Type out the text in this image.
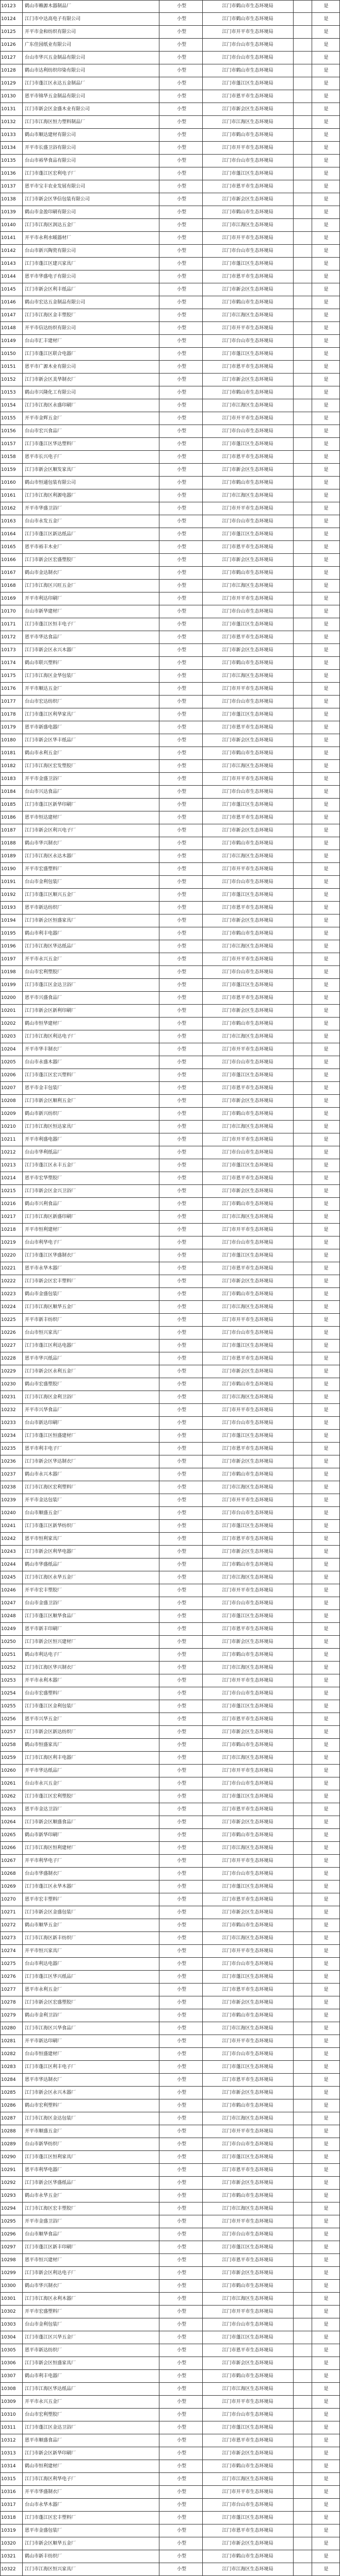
10123	鹤山市赖源木器制品厂	小型	江门市鹤山市生态环境局	是
10124	江门市中达高电子有限公司	小型	江门市鹤山市生态环境局	是
10125	开平市金和纺织有限公司	小型	江门市开平市生态环境局	是
10126	广东佳园纸业有限公司	小型	江门市台山市生态环境局	是
10127	台山市华兴五金制品有限公司	小型	江门市台山市生态环境局	是
10128	鹤山市达利纺织印染有限公司	小型	江门市鹤山市生态环境局	是
10129	江门市蓬江区永达五金制品厂	小型	江门市蓬江区生态环境局	是
10130	恩平市锦华五金制品有限公司	小型	江门市恩平市生态环境局	是
10131	江门市新会区金盛木业有限公司	小型	江门市新会区生态环境局	是
10132	江门市江海区恒力塑料制品厂	小型	江门市江海区生态环境局	是
10133	鹤山市顺达建材有限公司	小型	江门市鹤山市生态环境局	是
10134	开平市长盛卫浴有限公司	小型	江门市开平市生态环境局	是
10135	台山市裕华食品有限公司	小型	江门市台山市生态环境局	是
10136	江门市蓬江区宏利电子厂	小型	江门市蓬江区生态环境局	是
10137	恩平市宝丰农业发展有限公司	小型	江门市恩平市生态环境局	是
10138	江门市新会区华信包装有限公司	小型	江门市新会区生态环境局	是
10139	鹤山市金盈印刷有限公司	小型	江门市鹤山市生态环境局	是
10140	江门市江海区润达五金厂	小型	江门市江海区生态环境局	是
10141	开平市永利水暖器材厂	小型	江门市开平市生态环境局	是
10142	台山市新兴陶瓷有限公司	小型	江门市台山市生态环境局	是
10143	江门市蓬江区建兴家具厂	小型	江门市蓬江区生态环境局	是
10144	恩平市华盛电子有限公司	小型	江门市恩平市生态环境局	是
10145	江门市新会区利丰纸品厂	小型	江门市新会区生态环境局	是
10146	鹤山市宏达五金制品有限公司	小型	江门市鹤山市生态环境局	是
10147	江门市江海区金丰塑胶厂	小型	江门市江海区生态环境局	是
10148	开平市信达纺织有限公司	小型	江门市开平市生态环境局	是
10149	台山市汇丰建材厂	小型	江门市台山市生态环境局	是
10150	江门市蓬江区联合电器厂	小型	江门市蓬江区生态环境局	是
10151	恩平市广源木业有限公司	小型	江门市恩平市生态环境局	是
10152	江门市新会区美华制衣厂	小型	江门市新会区生态环境局	是
10153	鹤山市兴隆化工有限公司	小型	江门市鹤山市生态环境局	是
10154	江门市江海区永盛印刷厂	小型	江门市江海区生态环境局	是
10155	开平市金辉五金厂	小型	江门市开平市生态环境局	是
10156	台山市宏兴食品厂	小型	江门市台山市生态环境局	是
10157	江门市蓬江区华达塑料厂	小型	江门市蓬江区生态环境局	是
10158	恩平市长兴电子厂	小型	江门市恩平市生态环境局	是
10159	江门市新会区顺发家具厂	小型	江门市新会区生态环境局	是
10160	鹤山市恒通包装有限公司	小型	江门市鹤山市生态环境局	是
10161	江门市江海区利源电器厂	小型	江门市江海区生态环境局	是
10162	开平市华盛卫浴厂	小型	江门市开平市生态环境局	是
10163	台山市永发五金厂	小型	江门市台山市生态环境局	是
10164	江门市蓬江区新达纸品厂	小型	江门市蓬江区生态环境局	是
10165	恩平市裕丰木业厂	小型	江门市恩平市生态环境局	是
10166	江门市新会区宏盛塑胶厂	小型	江门市新会区生态环境局	是
10167	鹤山市金达制衣厂	小型	江门市鹤山市生态环境局	是
10168	江门市江海区兴旺五金厂	小型	江门市江海区生态环境局	是
10169	开平市利达印刷厂	小型	江门市开平市生态环境局	是
10170	台山市新华建材厂	小型	江门市台山市生态环境局	是
10171	江门市蓬江区恒丰电子厂	小型	江门市蓬江区生态环境局	是
10172	恩平市华达食品厂	小型	江门市恩平市生态环境局	是
10173	江门市新会区永兴木器厂	小型	江门市新会区生态环境局	是
10174	鹤山市联兴塑料厂	小型	江门市鹤山市生态环境局	是
10175	江门市江海区金华包装厂	小型	江门市江海区生态环境局	是
10176	开平市顺达五金厂	小型	江门市开平市生态环境局	是
10177	台山市宏达纺织厂	小型	江门市台山市生态环境局	是
10178	江门市蓬江区利华家具厂	小型	江门市蓬江区生态环境局	是
10179	恩平市新盛电器厂	小型	江门市恩平市生态环境局	是
10180	江门市新会区华丰纸品厂	小型	江门市新会区生态环境局	是
10181	鹤山市永利五金厂	小型	江门市鹤山市生态环境局	是
10182	江门市江海区宏发塑胶厂	小型	江门市江海区生态环境局	是
10183	开平市金盛卫浴厂	小型	江门市开平市生态环境局	是
10184	台山市兴达食品厂	小型	江门市台山市生态环境局	是
10185	江门市蓬江区新华印刷厂	小型	江门市蓬江区生态环境局	是
10186	恩平市恒达建材厂	小型	江门市恩平市生态环境局	是
10187	江门市新会区利兴电子厂	小型	江门市新会区生态环境局	是
10188	鹤山市华兴制衣厂	小型	江门市鹤山市生态环境局	是
10189	江门市江海区永达木器厂	小型	江门市江海区生态环境局	是
10190	开平市宏盛塑料厂	小型	江门市开平市生态环境局	是
10191	台山市金利包装厂	小型	江门市台山市生态环境局	是
10192	江门市蓬江区顺兴五金厂	小型	江门市蓬江区生态环境局	是
10193	恩平市新达纺织厂	小型	江门市恩平市生态环境局	是
10194	江门市新会区恒盛家具厂	小型	江门市新会区生态环境局	是
10195	鹤山市利丰电器厂	小型	江门市鹤山市生态环境局	是
10196	江门市江海区华达纸品厂	小型	江门市江海区生态环境局	是
10197	开平市永兴五金厂	小型	江门市开平市生态环境局	是
10198	台山市宏利塑胶厂	小型	江门市台山市生态环境局	是
10199	江门市蓬江区金达卫浴厂	小型	江门市蓬江区生态环境局	是
10200	恩平市兴盛食品厂	小型	江门市恩平市生态环境局	是
10201	江门市新会区新利印刷厂	小型	江门市新会区生态环境局	是
10202	鹤山市恒华建材厂	小型	江门市鹤山市生态环境局	是
10203	江门市江海区利达电子厂	小型	江门市江海区生态环境局	是
10204	开平市华丰制衣厂	小型	江门市开平市生态环境局	是
10205	台山市永盛木器厂	小型	江门市台山市生态环境局	是
10206	江门市蓬江区宏兴塑料厂	小型	江门市蓬江区生态环境局	是
10207	恩平市金丰包装厂	小型	江门市恩平市生态环境局	是
10208	江门市新会区顺利五金厂	小型	江门市新会区生态环境局	是
10209	鹤山市新兴纺织厂	小型	江门市鹤山市生态环境局	是
10210	江门市江海区恒达家具厂	小型	江门市江海区生态环境局	是
10211	开平市利盛电器厂	小型	江门市开平市生态环境局	是
10212	台山市华利纸品厂	小型	江门市台山市生态环境局	是
10213	江门市蓬江区永丰五金厂	小型	江门市蓬江区生态环境局	是
10214	恩平市宏华塑胶厂	小型	江门市恩平市生态环境局	是
10215	江门市新会区金兴卫浴厂	小型	江门市新会区生态环境局	是
10216	鹤山市兴利食品厂	小型	江门市鹤山市生态环境局	是
10217	江门市江海区新盛印刷厂	小型	江门市江海区生态环境局	是
10218	开平市恒利建材厂	小型	江门市开平市生态环境局	是
10219	台山市利华电子厂	小型	江门市台山市生态环境局	是
10220	江门市蓬江区华盛制衣厂	小型	江门市蓬江区生态环境局	是
10221	恩平市永华木器厂	小型	江门市恩平市生态环境局	是
10222	江门市新会区宏丰塑料厂	小型	江门市新会区生态环境局	是
10223	鹤山市金盛包装厂	小型	江门市鹤山市生态环境局	是
10224	江门市江海区顺华五金厂	小型	江门市江海区生态环境局	是
10225	开平市新丰纺织厂	小型	江门市开平市生态环境局	是
10226	台山市恒兴家具厂	小型	江门市台山市生态环境局	是
10227	江门市蓬江区利达电器厂	小型	江门市蓬江区生态环境局	是
10228	恩平市华兴纸品厂	小型	江门市恩平市生态环境局	是
10229	江门市新会区永利五金厂	小型	江门市新会区生态环境局	是
10230	鹤山市宏盛塑胶厂	小型	江门市鹤山市生态环境局	是
10231	江门市江海区金利卫浴厂	小型	江门市江海区生态环境局	是
10232	开平市兴华食品厂	小型	江门市开平市生态环境局	是
10233	台山市新达印刷厂	小型	江门市台山市生态环境局	是
10234	江门市蓬江区恒盛建材厂	小型	江门市蓬江区生态环境局	是
10235	恩平市利丰电子厂	小型	江门市恩平市生态环境局	是
10236	江门市新会区华达制衣厂	小型	江门市新会区生态环境局	是
10237	鹤山市永兴木器厂	小型	江门市鹤山市生态环境局	是
10238	江门市江海区宏利塑料厂	小型	江门市江海区生态环境局	是
10239	开平市金达包装厂	小型	江门市开平市生态环境局	是
10240	台山市顺盛五金厂	小型	江门市台山市生态环境局	是
10241	江门市蓬江区新华纺织厂	小型	江门市蓬江区生态环境局	是
10242	恩平市恒利家具厂	小型	江门市恩平市生态环境局	是
10243	江门市新会区利华电器厂	小型	江门市新会区生态环境局	是
10244	鹤山市华盛纸品厂	小型	江门市鹤山市生态环境局	是
10245	江门市江海区永华五金厂	小型	江门市江海区生态环境局	是
10246	开平市宏丰塑胶厂	小型	江门市开平市生态环境局	是
10247	台山市金盛卫浴厂	小型	江门市台山市生态环境局	是
10248	江门市蓬江区顺华食品厂	小型	江门市蓬江区生态环境局	是
10249	恩平市新丰印刷厂	小型	江门市恩平市生态环境局	是
10250	江门市新会区恒兴建材厂	小型	江门市新会区生态环境局	是
10251	鹤山市利达电子厂	小型	江门市鹤山市生态环境局	是
10252	江门市江海区华兴制衣厂	小型	江门市江海区生态环境局	是
10253	开平市永利木器厂	小型	江门市开平市生态环境局	是
10254	台山市宏盛塑料厂	小型	江门市台山市生态环境局	是
10255	江门市蓬江区金利包装厂	小型	江门市蓬江区生态环境局	是
10256	恩平市兴华五金厂	小型	江门市恩平市生态环境局	是
10257	江门市新会区新达纺织厂	小型	江门市新会区生态环境局	是
10258	鹤山市恒盛家具厂	小型	江门市鹤山市生态环境局	是
10259	江门市江海区利丰电器厂	小型	江门市江海区生态环境局	是
10260	开平市华达纸品厂	小型	江门市开平市生态环境局	是
10261	台山市永兴五金厂	小型	江门市台山市生态环境局	是
10262	江门市蓬江区宏利塑胶厂	小型	江门市蓬江区生态环境局	是
10263	恩平市金达卫浴厂	小型	江门市恩平市生态环境局	是
10264	江门市新会区顺盛食品厂	小型	江门市新会区生态环境局	是
10265	鹤山市新华印刷厂	小型	江门市鹤山市生态环境局	是
10266	江门市江海区恒利建材厂	小型	江门市江海区生态环境局	是
10267	开平市利华电子厂	小型	江门市开平市生态环境局	是
10268	台山市华盛制衣厂	小型	江门市台山市生态环境局	是
10269	江门市蓬江区永华木器厂	小型	江门市蓬江区生态环境局	是
10270	恩平市宏丰塑料厂	小型	江门市恩平市生态环境局	是
10271	江门市新会区金盛包装厂	小型	江门市新会区生态环境局	是
10272	鹤山市顺华五金厂	小型	江门市鹤山市生态环境局	是
10273	江门市江海区新丰纺织厂	小型	江门市江海区生态环境局	是
10274	开平市恒兴家具厂	小型	江门市开平市生态环境局	是
10275	台山市利达电器厂	小型	江门市台山市生态环境局	是
10276	江门市蓬江区华兴纸品厂	小型	江门市蓬江区生态环境局	是
10277	恩平市永利五金厂	小型	江门市恩平市生态环境局	是
10278	江门市新会区宏盛塑胶厂	小型	江门市新会区生态环境局	是
10279	鹤山市金利卫浴厂	小型	江门市鹤山市生态环境局	是
10280	江门市江海区兴华食品厂	小型	江门市江海区生态环境局	是
10281	开平市新达印刷厂	小型	江门市开平市生态环境局	是
10282	台山市恒盛建材厂	小型	江门市台山市生态环境局	是
10283	江门市蓬江区利丰电子厂	小型	江门市蓬江区生态环境局	是
10284	恩平市华达制衣厂	小型	江门市恩平市生态环境局	是
10285	江门市新会区永兴木器厂	小型	江门市新会区生态环境局	是
10286	鹤山市宏利塑料厂	小型	江门市鹤山市生态环境局	是
10287	江门市江海区金达包装厂	小型	江门市江海区生态环境局	是
10288	开平市顺盛五金厂	小型	江门市开平市生态环境局	是
10289	台山市新华纺织厂	小型	江门市台山市生态环境局	是
10290	江门市蓬江区恒利家具厂	小型	江门市蓬江区生态环境局	是
10291	恩平市利华电器厂	小型	江门市恩平市生态环境局	是
10292	江门市新会区华盛纸品厂	小型	江门市新会区生态环境局	是
10293	鹤山市永华五金厂	小型	江门市鹤山市生态环境局	是
10294	江门市江海区宏丰塑胶厂	小型	江门市江海区生态环境局	是
10295	开平市金盛卫浴厂	小型	江门市开平市生态环境局	是
10296	台山市顺华食品厂	小型	江门市台山市生态环境局	是
10297	江门市蓬江区新丰印刷厂	小型	江门市蓬江区生态环境局	是
10298	恩平市恒兴建材厂	小型	江门市恩平市生态环境局	是
10299	江门市新会区利达电子厂	小型	江门市新会区生态环境局	是
10300	鹤山市华兴制衣厂	小型	江门市鹤山市生态环境局	是
10301	江门市江海区永利木器厂	小型	江门市江海区生态环境局	是
10302	开平市宏盛塑料厂	小型	江门市开平市生态环境局	是
10303	台山市金利包装厂	小型	江门市台山市生态环境局	是
10304	江门市蓬江区兴华五金厂	小型	江门市蓬江区生态环境局	是
10305	恩平市新达纺织厂	小型	江门市恩平市生态环境局	是
10306	江门市新会区恒盛家具厂	小型	江门市新会区生态环境局	是
10307	鹤山市利丰电器厂	小型	江门市鹤山市生态环境局	是
10308	江门市江海区华达纸品厂	小型	江门市江海区生态环境局	是
10309	开平市永兴五金厂	小型	江门市开平市生态环境局	是
10310	台山市宏利塑胶厂	小型	江门市台山市生态环境局	是
10311	江门市蓬江区金达卫浴厂	小型	江门市蓬江区生态环境局	是
10312	恩平市顺盛食品厂	小型	江门市恩平市生态环境局	是
10313	江门市新会区新华印刷厂	小型	江门市新会区生态环境局	是
10314	鹤山市恒利建材厂	小型	江门市鹤山市生态环境局	是
10315	江门市江海区利华电子厂	小型	江门市江海区生态环境局	是
10316	开平市华盛制衣厂	小型	江门市开平市生态环境局	是
10317	台山市永华木器厂	小型	江门市台山市生态环境局	是
10318	江门市蓬江区宏丰塑料厂	小型	江门市蓬江区生态环境局	是
10319	恩平市金盛包装厂	小型	江门市恩平市生态环境局	是
10320	江门市新会区顺华五金厂	小型	江门市新会区生态环境局	是
10321	鹤山市新丰纺织厂	小型	江门市鹤山市生态环境局	是
10322	江门市江海区恒兴家具厂	小型	江门市江海区生态环境局	是
